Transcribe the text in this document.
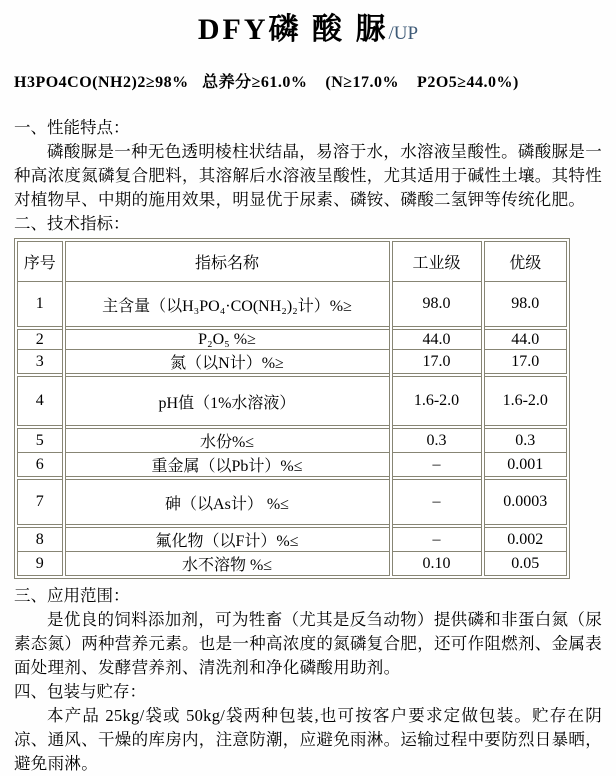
DFY磷 酸 脲/UP
H3PO4CO(NH2)2≥98%   总养分≥61.0%    (N≥17.0%    P2O5≥44.0%)
一、性能特点：

磷酸脲是一种无色透明棱柱状结晶，易溶于水，水溶液呈酸性。磷酸脲是一种高浓度氮磷复合肥料，其溶解后水溶液呈酸性，尤其适用于碱性土壤。其特性对植物早、中期的施用效果，明显优于尿素、磷铵、磷酸二氢钾等传统化肥。

二、技术指标：
序号	指标名称	工业级	优级
1	主含量（以H₃PO₄·CO(NH₂)₂计）%≥	98.0	98.0
2	P₂O₅ %≥	44.0	44.0
3	氮（以N计）%≥	17.0	17.0
4	pH值（1%水溶液）	1.6-2.0	1.6-2.0
5	水份%≤	0.3	0.3
6	重金属（以Pb计）%≤	–	0.001
7	砷（以As计） %≤	–	0.0003
8	氟化物（以F计）%≤	–	0.002
9	水不溶物 %≤	0.10	0.05
三、应用范围：

是优良的饲料添加剂，可为牲畜（尤其是反刍动物）提供磷和非蛋白氮（尿素态氮）两种营养元素。也是一种高浓度的氮磷复合肥，还可作阻燃剂、金属表面处理剂、发酵营养剂、清洗剂和净化磷酸用助剂。

四、包装与贮存：

本产品 25kg/袋或 50kg/袋两种包装,也可按客户要求定做包装。贮存在阴凉、通风、干燥的库房内，注意防潮，应避免雨淋。运输过程中要防烈日暴晒，避免雨淋。
